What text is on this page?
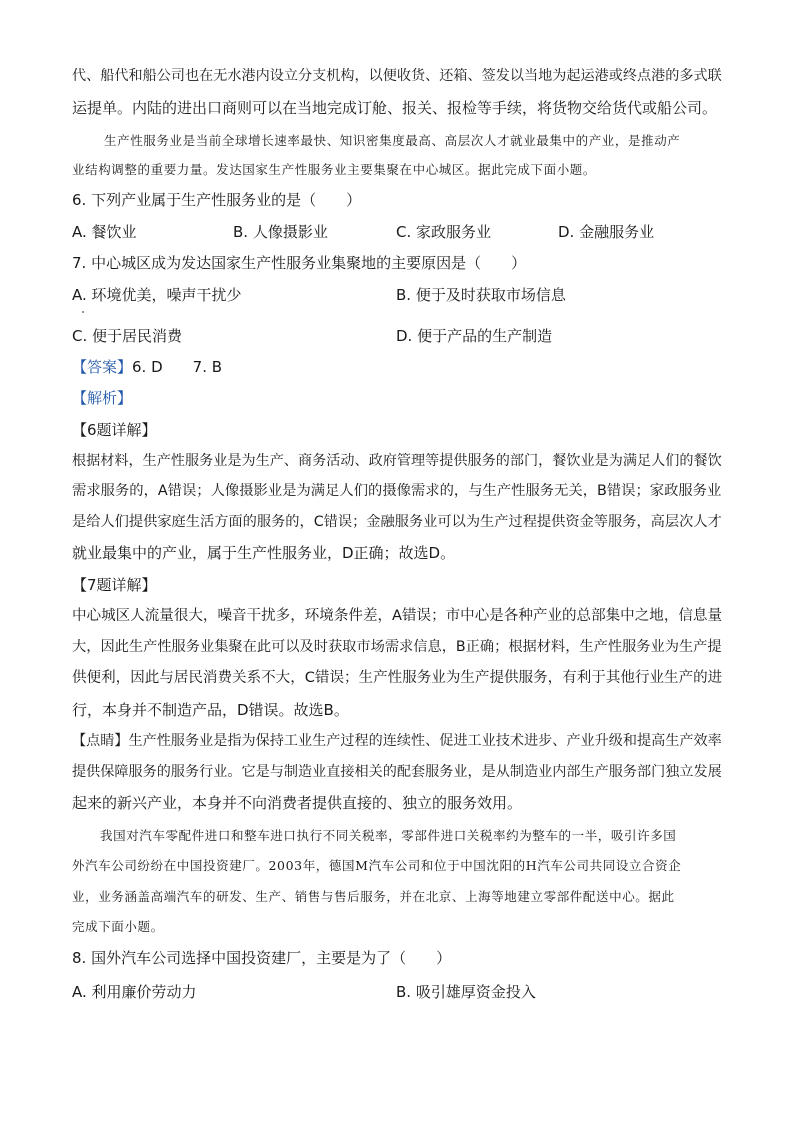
代、船代和船公司也在无水港内设立分支机构，以便收货、还箱、签发以当地为起运港或终点港的多式联
运提单。内陆的进出口商则可以在当地完成订舱、报关、报检等手续，将货物交给货代或船公司。
生产性服务业是当前全球增长速率最快、知识密集度最高、高层次人才就业最集中的产业，是推动产
业结构调整的重要力量。发达国家生产性服务业主要集聚在中心城区。据此完成下面小题。
6. 下列产业属于生产性服务业的是（　　）
A. 餐饮业	B. 人像摄影业	C. 家政服务业	D. 金融服务业
7. 中心城区成为发达国家生产性服务业集聚地的主要原因是（　　）
A. 环境优美，噪声干扰少	B. 便于及时获取市场信息
C. 便于居民消费	D. 便于产品的生产制造
【答案】6. D　　7. B
【解析】
【6题详解】
根据材料，生产性服务业是为生产、商务活动、政府管理等提供服务的部门，餐饮业是为满足人们的餐饮
需求服务的，A错误；人像摄影业是为满足人们的摄像需求的，与生产性服务无关，B错误；家政服务业
是给人们提供家庭生活方面的服务的，C错误；金融服务业可以为生产过程提供资金等服务，高层次人才
就业最集中的产业，属于生产性服务业，D正确；故选D。
【7题详解】
中心城区人流量很大，噪音干扰多，环境条件差，A错误；市中心是各种产业的总部集中之地，信息量
大，因此生产性服务业集聚在此可以及时获取市场需求信息，B正确；根据材料，生产性服务业为生产提
供便利，因此与居民消费关系不大，C错误；生产性服务业为生产提供服务，有利于其他行业生产的进
行，本身并不制造产品，D错误。故选B。
【点睛】生产性服务业是指为保持工业生产过程的连续性、促进工业技术进步、产业升级和提高生产效率
提供保障服务的服务行业。它是与制造业直接相关的配套服务业，是从制造业内部生产服务部门独立发展
起来的新兴产业，本身并不向消费者提供直接的、独立的服务效用。
我国对汽车零配件进口和整车进口执行不同关税率，零部件进口关税率约为整车的一半，吸引许多国
外汽车公司纷纷在中国投资建厂。2003年，德国M汽车公司和位于中国沈阳的H汽车公司共同设立合资企
业，业务涵盖高端汽车的研发、生产、销售与售后服务，并在北京、上海等地建立零部件配送中心。据此
完成下面小题。
8. 国外汽车公司选择中国投资建厂，主要是为了（　　）
A. 利用廉价劳动力	B. 吸引雄厚资金投入
